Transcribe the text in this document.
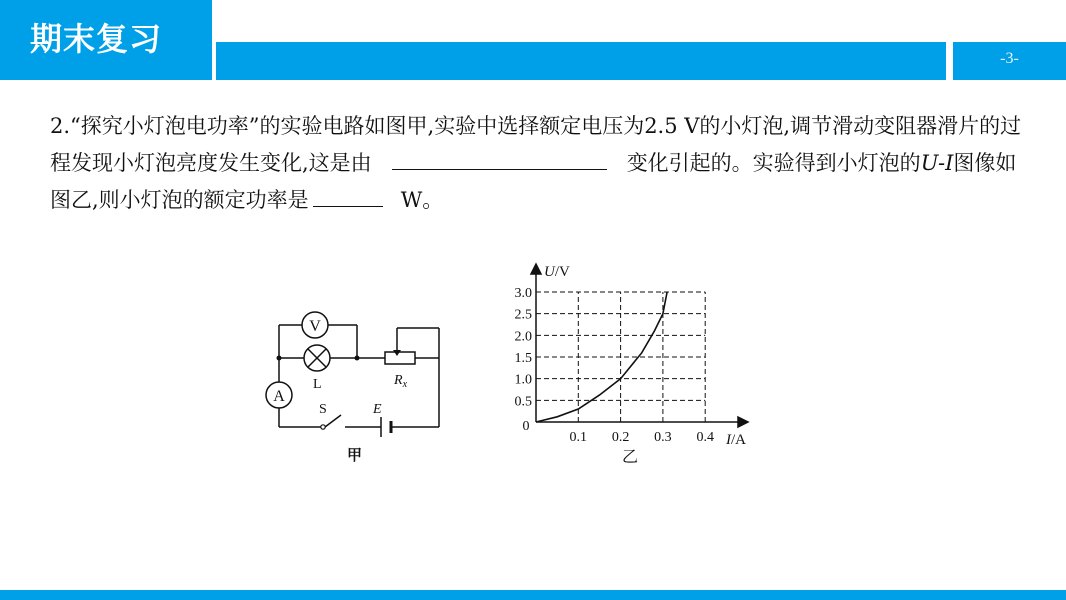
期末复习
-3-
2.“探究小灯泡电功率”的实验电路如图甲,实验中选择额定电压为2.5 V的小灯泡,调节滑动变阻器滑片的过程发现小灯泡亮度发生变化,这是由	变化引起的。实验得到小灯泡的U-I图像如图乙,则小灯泡的额定功率是	W。
V
L	$R_x$
A
S	E
甲
0.5
1.0
1.5
2.0
2.5
3.0
0.1 0.2 0.3 0.4
U/V
I/A
0
乙
